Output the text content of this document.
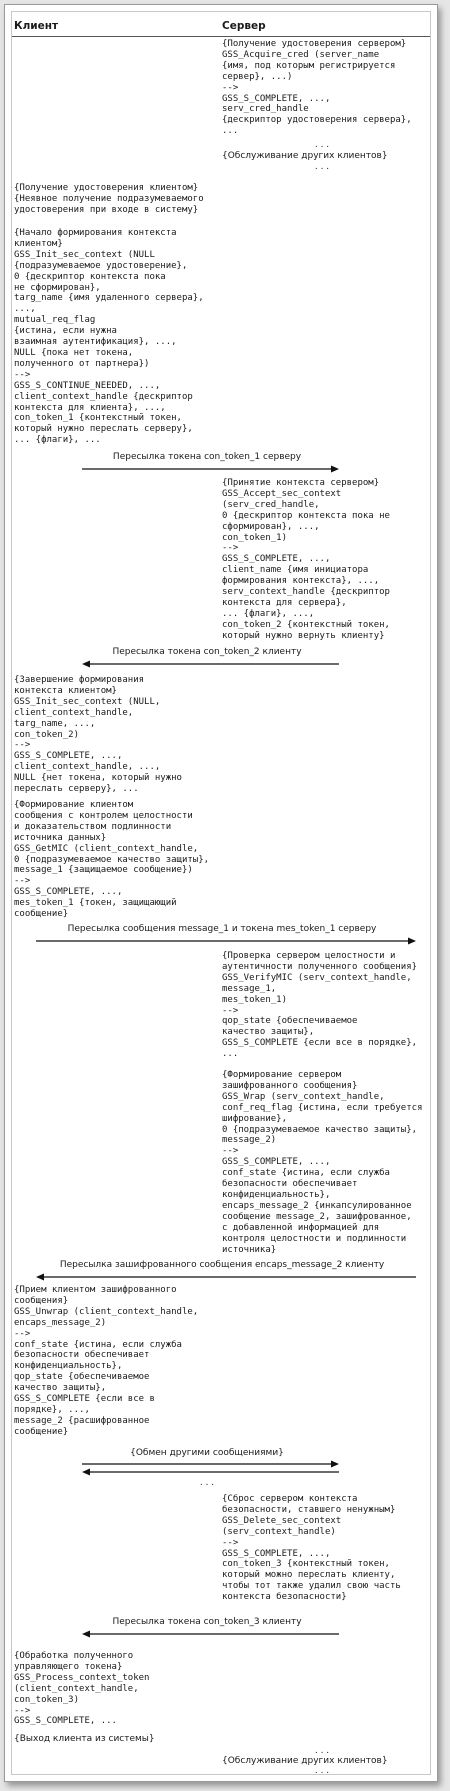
Клиент	Сервер
{Получение удостоверения сервером}
GSS_Acquire_cred (server_name
{имя, под которым регистрируется
сервер}, ...)
-->
GSS_S_COMPLETE, ...,
serv_cred_handle
{дескриптор удостоверения сервера},
...
. . .
{Обслуживание других клиентов}
. . .
{Получение удостоверения клиентом}
{Неявное получение подразумеваемого
удостоверения при входе в систему}
{Начало формирования контекста
клиентом}
GSS_Init_sec_context (NULL
{подразумеваемое удостоверение},
0 {дескриптор контекста пока
не сформирован},
targ_name {имя удаленного сервера},
...,
mutual_req_flag
{истина, если нужна
взаимная аутентификация}, ...,
NULL {пока нет токена,
полученного от партнера})
-->
GSS_S_CONTINUE_NEEDED, ...,
client_context_handle {дескриптор
контекста для клиента}, ...,
con_token_1 {контекстный токен,
который нужно переслать серверу},
... {флаги}, ...
Пересылка токена con_token_1 серверу
{Принятие контекста сервером}
GSS_Accept_sec_context
(serv_cred_handle,
0 {дескриптор контекста пока не
сформирован}, ...,
con_token_1)
-->
GSS_S_COMPLETE, ...,
client_name {имя инициатора
формирования контекста}, ...,
serv_context_handle {дескриптор
контекста для сервера},
... {флаги}, ...,
con_token_2 {контекстный токен,
который нужно вернуть клиенту}
Пересылка токена con_token_2 клиенту
{Завершение формирования
контекста клиентом}
GSS_Init_sec_context (NULL,
client_context_handle,
targ_name, ...,
con_token_2)
-->
GSS_S_COMPLETE, ...,
client_context_handle, ...,
NULL {нет токена, который нужно
переслать серверу}, ...
{Формирование клиентом
сообщения с контролем целостности
и доказательством подлинности
источника данных}
GSS_GetMIC (client_context_handle,
0 {подразумеваемое качество защиты},
message_1 {защищаемое сообщение})
-->
GSS_S_COMPLETE, ...,
mes_token_1 {токен, защищающий
сообщение}
Пересылка сообщения message_1 и токена mes_token_1 серверу
{Проверка сервером целостности и
аутентичности полученного сообщения}
GSS_VerifyMIC (serv_context_handle,
message_1,
mes_token_1)
-->
qop_state {обеспечиваемое
качество защиты},
GSS_S_COMPLETE {если все в порядке},
...
{Формирование сервером
зашифрованного сообщения}
GSS_Wrap (serv_context_handle,
conf_req_flag {истина, если требуется
шифрование},
0 {подразумеваемое качество защиты},
message_2)
-->
GSS_S_COMPLETE, ...,
conf_state {истина, если служба
безопасности обеспечивает
конфиденциальность},
encaps_message_2 {инкапсулированное
сообщение message_2, зашифрованное,
с добавленной информацией для
контроля целостности и подлинности
источника}
Пересылка зашифрованного сообщения encaps_message_2 клиенту
{Прием клиентом зашифрованного
сообщения}
GSS_Unwrap (client_context_handle,
encaps_message_2)
-->
conf_state {истина, если служба
безопасности обеспечивает
конфиденциальность},
qop_state {обеспечиваемое
качество защиты},
GSS_S_COMPLETE {если все в
порядке}, ...,
message_2 {расшифрованное
сообщение}
{Обмен другими сообщениями}
. . .
{Сброс сервером контекста
безопасности, ставшего ненужным}
GSS_Delete_sec_context
(serv_context_handle)
-->
GSS_S_COMPLETE, ...,
con_token_3 {контекстный токен,
который можно переслать клиенту,
чтобы тот также удалил свою часть
контекста безопасности}
Пересылка токена con_token_3 клиенту
{Обработка полученного
управляющего токена}
GSS_Process_context_token
(client_context_handle,
con_token_3)
-->
GSS_S_COMPLETE, ...
{Выход клиента из системы}
. . .
{Обслуживание других клиентов}
. . .
